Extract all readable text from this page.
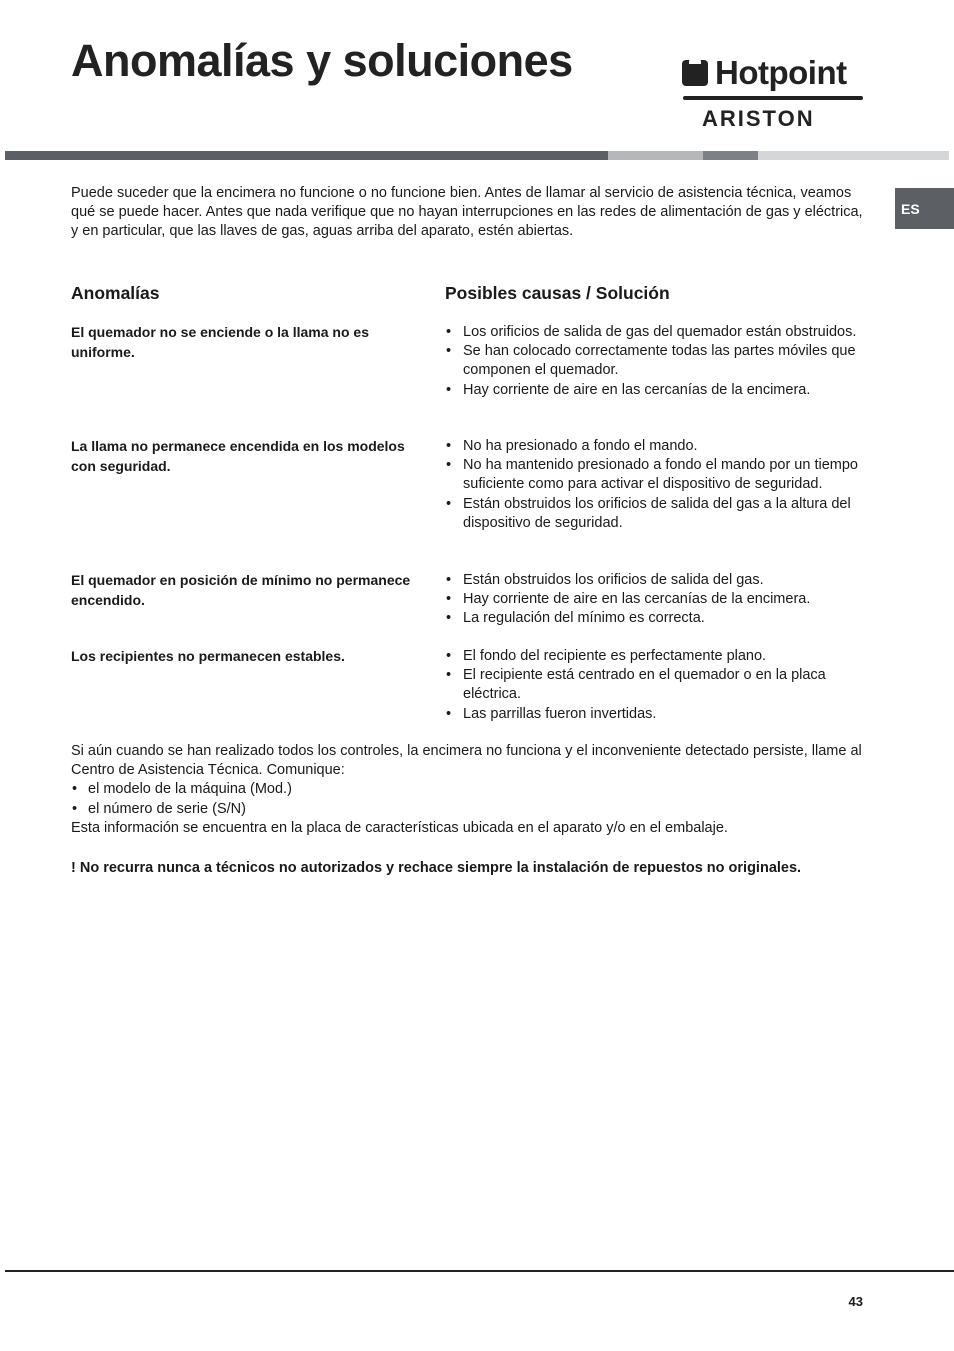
Anomalías y soluciones	Hotpoint
ARISTON
ES

Puede suceder que la encimera no funcione o no funcione bien. Antes de llamar al servicio de asistencia técnica, veamos qué se puede hacer. Antes que nada verifique que no hayan interrupciones en las redes de alimentación de gas y eléctrica, y en particular, que las llaves de gas, aguas arriba del aparato, estén abiertas.

Anomalías	Posibles causas / Solución

El quemador no se enciende o la llama no es uniforme.

• Los orificios de salida de gas del quemador están obstruidos.
• Se han colocado correctamente todas las partes móviles que componen el quemador.
• Hay corriente de aire en las cercanías de la encimera.

La llama no permanece encendida en los modelos con seguridad.

• No ha presionado a fondo el mando.
• No ha mantenido presionado a fondo el mando por un tiempo suficiente como para activar el dispositivo de seguridad.
• Están obstruidos los orificios de salida del gas a la altura del dispositivo de seguridad.

El quemador en posición de mínimo no permanece encendido.

• Están obstruidos los orificios de salida del gas.
• Hay corriente de aire en las cercanías de la encimera.
• La regulación del mínimo es correcta.

Los recipientes no permanecen estables.

•	El fondo del recipiente es perfectamente plano.
• El recipiente está centrado en el quemador o en la placa eléctrica.
• Las parrillas fueron invertidas.

Si aún cuando se han realizado todos los controles, la encimera no funciona y el inconveniente detectado persiste, llame al Centro de Asistencia Técnica. Comunique:

• el modelo de la máquina (Mod.)
• el número de serie (S/N)

Esta información se encuentra en la placa de características ubicada en el aparato y/o en el embalaje.

! No recurra nunca a técnicos no autorizados y rechace siempre la instalación de repuestos no originales.

43
